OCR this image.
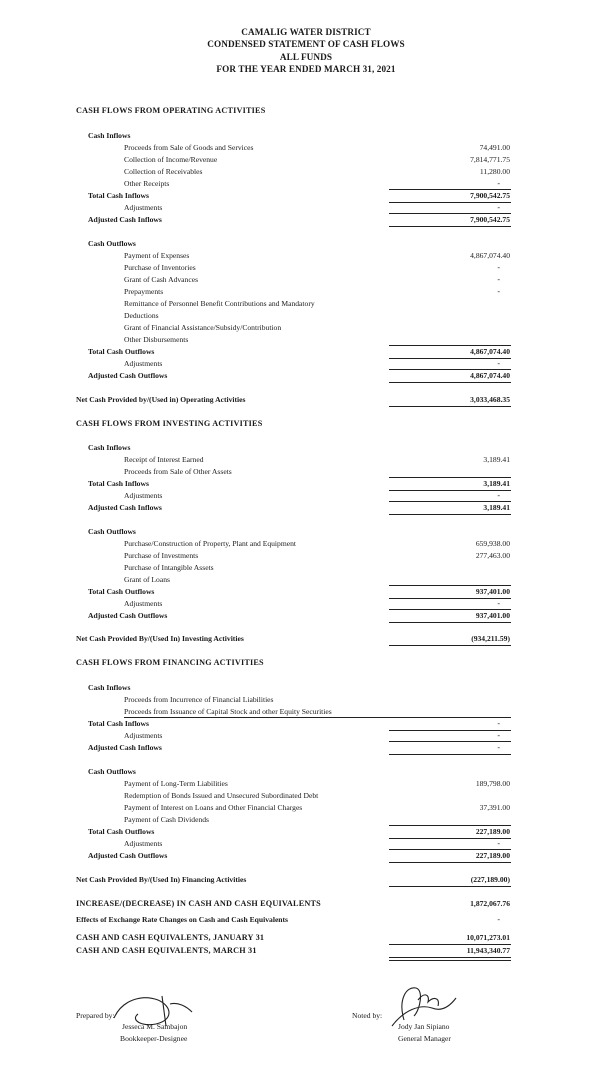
CAMALIG WATER DISTRICT
CONDENSED STATEMENT OF CASH FLOWS
ALL FUNDS
FOR THE YEAR ENDED MARCH 31, 2021
CASH FLOWS FROM OPERATING ACTIVITIES
Cash Inflows
Proceeds from Sale of Goods and Services	74,491.00
Collection of Income/Revenue	7,814,771.75
Collection of Receivables	11,280.00
Other Receipts	-
Total Cash Inflows	7,900,542.75
Adjustments	-
Adjusted Cash Inflows	7,900,542.75
Cash Outflows
Payment of Expenses	4,867,074.40
Purchase of Inventories	-
Grant of Cash Advances	-
Prepayments	-
Remittance of Personnel Benefit Contributions and Mandatory
Deductions
Grant of Financial Assistance/Subsidy/Contribution
Other Disbursements
Total Cash Outflows	4,867,074.40
Adjustments	-
Adjusted Cash Outflows	4,867,074.40
Net Cash Provided by/(Used in) Operating Activities	3,033,468.35
CASH FLOWS FROM INVESTING ACTIVITIES
Cash Inflows
Receipt of Interest Earned	3,189.41
Proceeds from Sale of Other Assets
Total Cash Inflows	3,189.41
Adjustments	-
Adjusted Cash Inflows	3,189.41
Cash Outflows
Purchase/Construction of Property, Plant and Equipment	659,938.00
Purchase of Investments	277,463.00
Purchase of Intangible Assets
Grant of Loans
Total Cash Outflows	937,401.00
Adjustments	-
Adjusted Cash Outflows	937,401.00
Net Cash Provided By/(Used In) Investing Activities	(934,211.59)
CASH FLOWS FROM FINANCING ACTIVITIES
Cash Inflows
Proceeds from Incurrence of Financial Liabilities
Proceeds from Issuance of Capital Stock and other Equity Securities
Total Cash Inflows	-
Adjustments	-
Adjusted Cash Inflows	-
Cash Outflows
Payment of Long-Term Liabilities	189,798.00
Redemption of Bonds Issued and Unsecured Subordinated Debt
Payment of Interest on Loans and Other Financial Charges	37,391.00
Payment of Cash Dividends
Total Cash Outflows	227,189.00
Adjustments	-
Adjusted Cash Outflows	227,189.00
Net Cash Provided By/(Used In) Financing Activities	(227,189.00)
INCREASE/(DECREASE) IN CASH AND CASH EQUIVALENTS	1,872,067.76
Effects of Exchange Rate Changes on Cash and Cash Equivalents	-
CASH AND CASH EQUIVALENTS, JANUARY 31	10,071,273.01
CASH AND CASH EQUIVALENTS, MARCH 31	11,943,340.77
Prepared by:
Jesseca M. Sambajon
Bookkeeper-Designee
Noted by:
Jody Jan Sipiano
General Manager
